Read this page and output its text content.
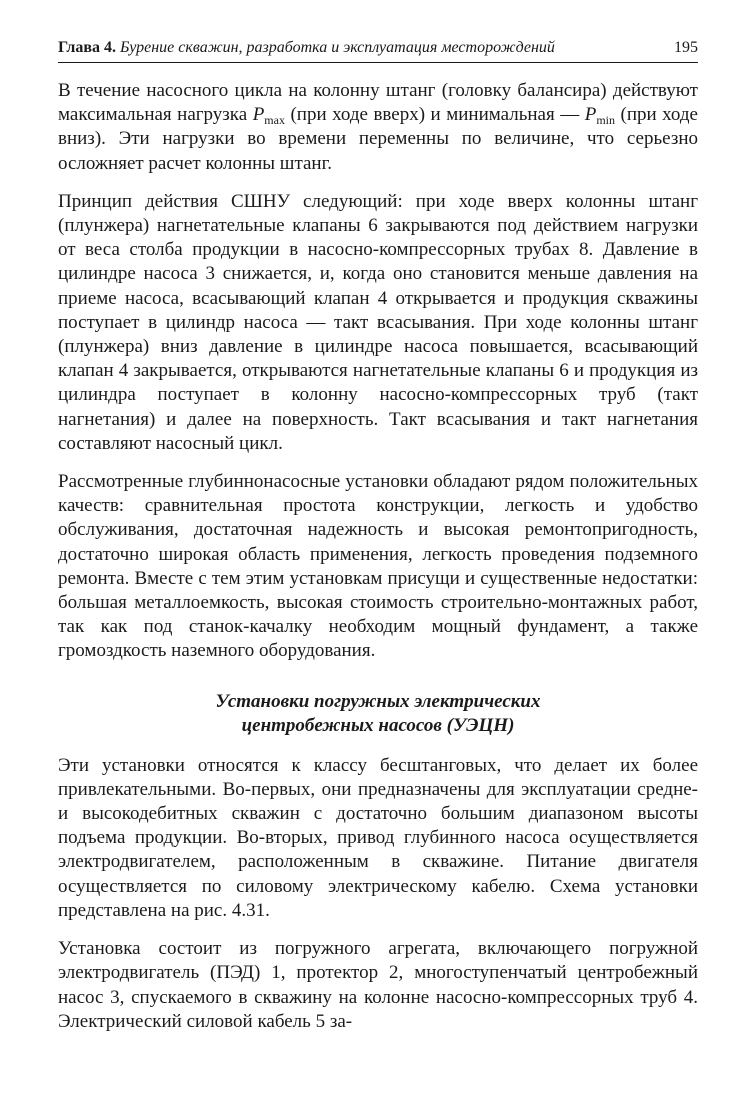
Глава 4. Бурение скважин, разработка и эксплуатация месторождений	195

В течение насосного цикла на колонну штанг (головку балансира) действуют максимальная нагрузка $P_{max}$ (при ходе вверх) и минимальная — $P_{min}$ (при ходе вниз). Эти нагрузки во времени переменны по величине, что серьезно осложняет расчет колонны штанг.

Принцип действия СШНУ следующий: при ходе вверх колонны штанг (плунжера) нагнетательные клапаны 6 закрываются под действием нагрузки от веса столба продукции в насосно-компрессорных трубах 8. Давление в цилиндре насоса 3 снижается, и, когда оно становится меньше давления на приеме насоса, всасывающий клапан 4 открывается и продукция скважины поступает в цилиндр насоса — такт всасывания. При ходе колонны штанг (плунжера) вниз давление в цилиндре насоса повышается, всасывающий клапан 4 закрывается, открываются нагнетательные клапаны 6 и продукция из цилиндра поступает в колонну насосно-компрессорных труб (такт нагнетания) и далее на поверхность. Такт всасывания и такт нагнетания составляют насосный цикл.

Рассмотренные глубиннонасосные установки обладают рядом положительных качеств: сравнительная простота конструкции, легкость и удобство обслуживания, достаточная надежность и высокая ремонтопригодность, достаточно широкая область применения, легкость проведения подземного ремонта. Вместе с тем этим установкам присущи и существенные недостатки: большая металлоемкость, высокая стоимость строительно-монтажных работ, так как под станок-качалку необходим мощный фундамент, а также громоздкость наземного оборудования.

Установки погружных электрических
центробежных насосов (УЭЦН)

Эти установки относятся к классу бесштанговых, что делает их более привлекательными. Во-первых, они предназначены для эксплуатации средне- и высокодебитных скважин с достаточно большим диапазоном высоты подъема продукции. Во-вторых, привод глубинного насоса осуществляется электродвигателем, расположенным в скважине. Питание двигателя осуществляется по силовому электрическому кабелю. Схема установки представлена на рис. 4.31.

Установка состоит из погружного агрегата, включающего погружной электродвигатель (ПЭД) 1, протектор 2, многоступенчатый центробежный насос 3, спускаемого в скважину на колонне насосно-компрессорных труб 4. Электрический силовой кабель 5 за-
